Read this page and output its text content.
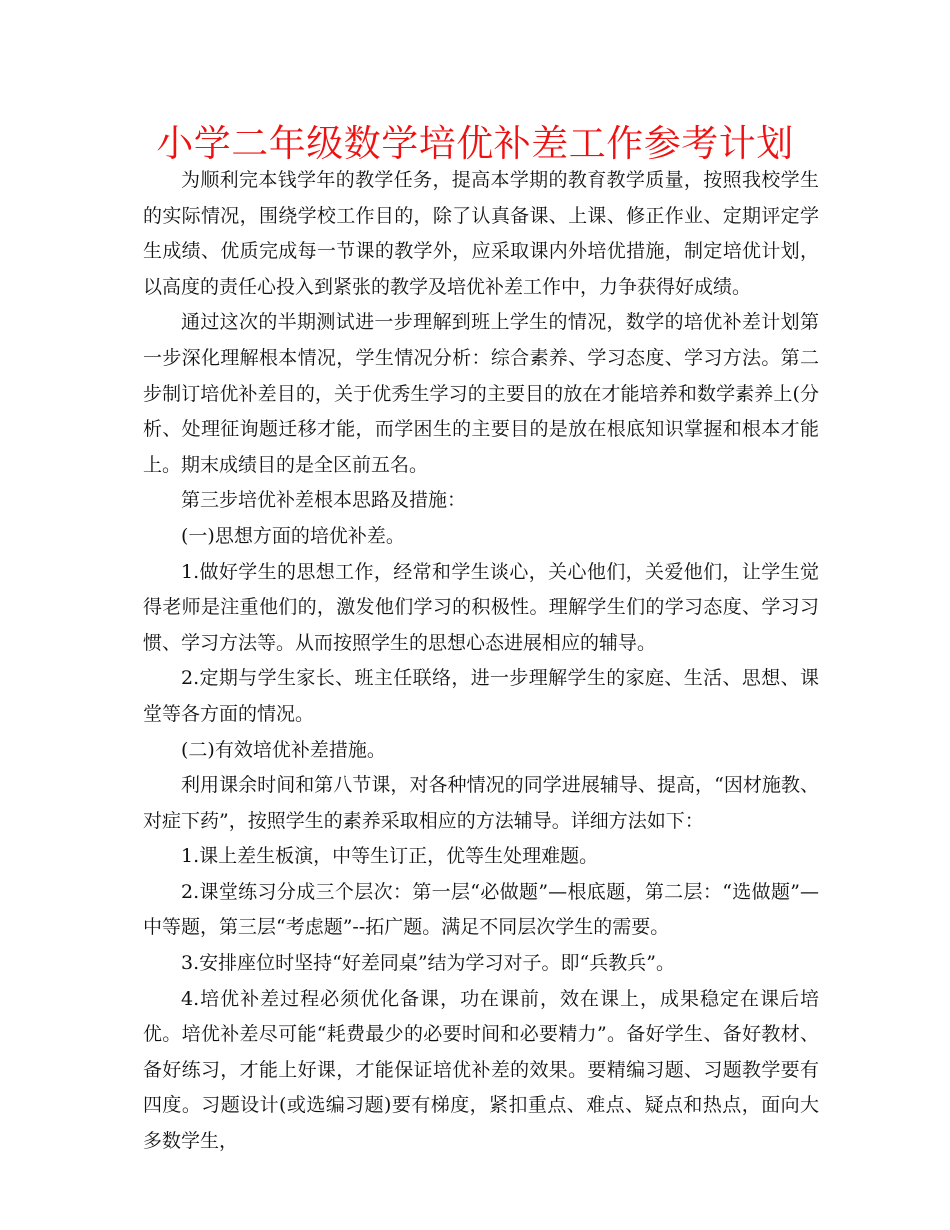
小学二年级数学培优补差工作参考计划

为顺利完本钱学年的教学任务，提高本学期的教育教学质量，按照我校学生的实际情况，围绕学校工作目的，除了认真备课、上课、修正作业、定期评定学生成绩、优质完成每一节课的教学外，应采取课内外培优措施，制定培优计划，以高度的责任心投入到紧张的教学及培优补差工作中，力争获得好成绩。

通过这次的半期测试进一步理解到班上学生的情况，数学的培优补差计划第一步深化理解根本情况，学生情况分析：综合素养、学习态度、学习方法。第二步制订培优补差目的，关于优秀生学习的主要目的放在才能培养和数学素养上(分析、处理征询题迁移才能，而学困生的主要目的是放在根底知识掌握和根本才能上。期末成绩目的是全区前五名。

第三步培优补差根本思路及措施：

(一)思想方面的培优补差。

1.做好学生的思想工作，经常和学生谈心，关心他们，关爱他们，让学生觉得老师是注重他们的，激发他们学习的积极性。理解学生们的学习态度、学习习惯、学习方法等。从而按照学生的思想心态进展相应的辅导。

2.定期与学生家长、班主任联络，进一步理解学生的家庭、生活、思想、课堂等各方面的情况。

(二)有效培优补差措施。

利用课余时间和第八节课，对各种情况的同学进展辅导、提高，“因材施教、对症下药”，按照学生的素养采取相应的方法辅导。详细方法如下：

1.课上差生板演，中等生订正，优等生处理难题。

2.课堂练习分成三个层次：第一层“必做题”—根底题，第二层：“选做题”—中等题，第三层“考虑题”--拓广题。满足不同层次学生的需要。

3.安排座位时坚持“好差同桌”结为学习对子。即“兵教兵”。

4.培优补差过程必须优化备课，功在课前，效在课上，成果稳定在课后培优。培优补差尽可能“耗费最少的必要时间和必要精力”。备好学生、备好教材、备好练习，才能上好课，才能保证培优补差的效果。要精编习题、习题教学要有四度。习题设计(或选编习题)要有梯度，紧扣重点、难点、疑点和热点，面向大多数学生，
